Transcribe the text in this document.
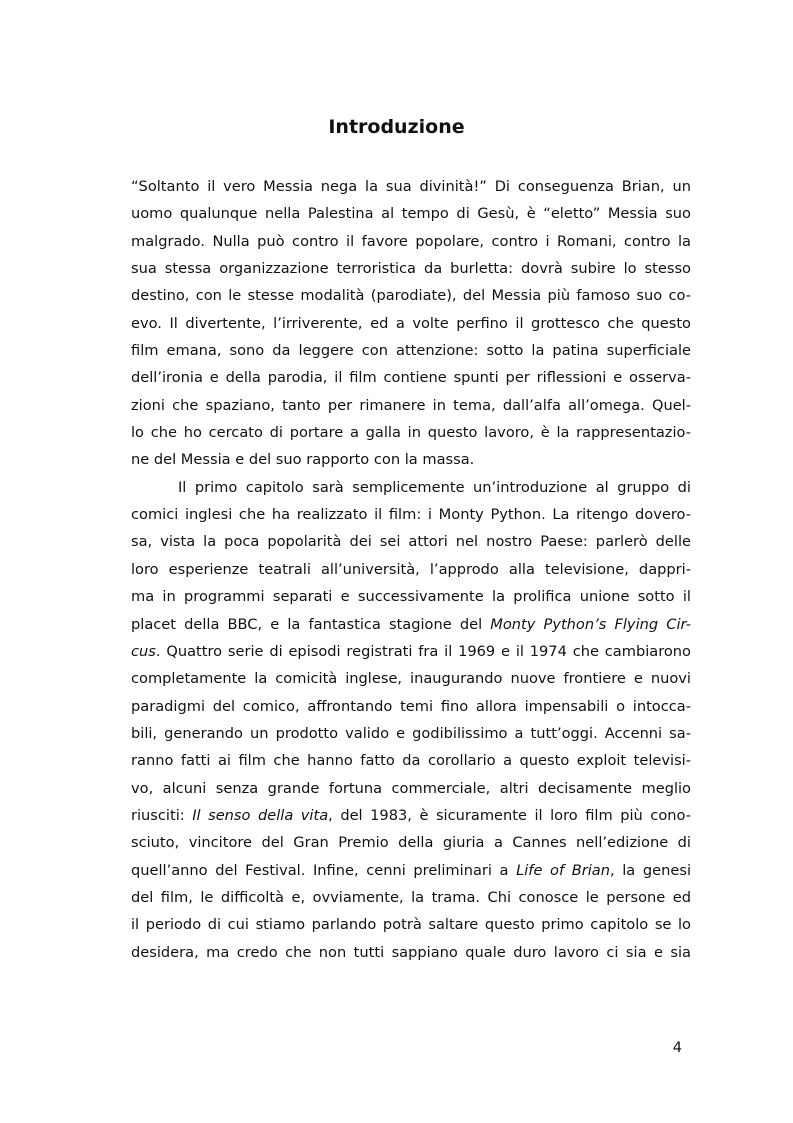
Introduzione
“Soltanto il vero Messia nega la sua divinità!” Di conseguenza Brian, un
uomo qualunque nella Palestina al tempo di Gesù, è “eletto” Messia suo
malgrado. Nulla può contro il favore popolare, contro i Romani, contro la
sua stessa organizzazione terroristica da burletta: dovrà subire lo stesso
destino, con le stesse modalità (parodiate), del Messia più famoso suo co-
evo. Il divertente, l’irriverente, ed a volte perfino il grottesco che questo
film emana, sono da leggere con attenzione: sotto la patina superficiale
dell’ironia e della parodia, il film contiene spunti per riflessioni e osserva-
zioni che spaziano, tanto per rimanere in tema, dall’alfa all’omega. Quel-
lo che ho cercato di portare a galla in questo lavoro, è la rappresentazio-
ne del Messia e del suo rapporto con la massa.
Il primo capitolo sarà semplicemente un’introduzione al gruppo di
comici inglesi che ha realizzato il film: i Monty Python. La ritengo dovero-
sa, vista la poca popolarità dei sei attori nel nostro Paese: parlerò delle
loro esperienze teatrali all’università, l’approdo alla televisione, dappri-
ma in programmi separati e successivamente la prolifica unione sotto il
placet della BBC, e la fantastica stagione del Monty Python’s Flying Cir-
cus. Quattro serie di episodi registrati fra il 1969 e il 1974 che cambiarono
completamente la comicità inglese, inaugurando nuove frontiere e nuovi
paradigmi del comico, affrontando temi fino allora impensabili o intocca-
bili, generando un prodotto valido e godibilissimo a tutt’oggi. Accenni sa-
ranno fatti ai film che hanno fatto da corollario a questo exploit televisi-
vo, alcuni senza grande fortuna commerciale, altri decisamente meglio
riusciti: Il senso della vita, del 1983, è sicuramente il loro film più cono-
sciuto, vincitore del Gran Premio della giuria a Cannes nell’edizione di
quell’anno del Festival. Infine, cenni preliminari a Life of Brian, la genesi
del film, le difficoltà e, ovviamente, la trama. Chi conosce le persone ed
il periodo di cui stiamo parlando potrà saltare questo primo capitolo se lo
desidera, ma credo che non tutti sappiano quale duro lavoro ci sia e sia
4
